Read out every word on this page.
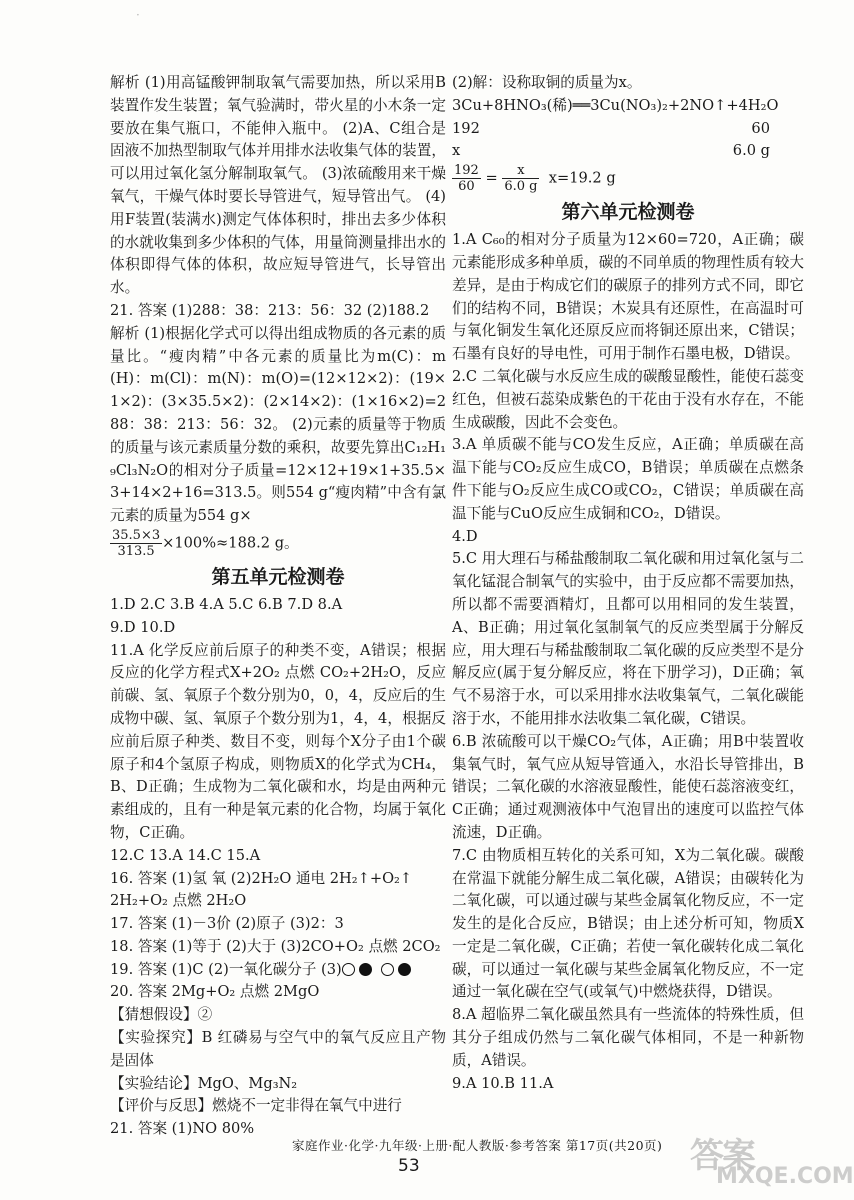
·
解析 (1)用高锰酸钾制取氧气需要加热，所以采用B装置作发生装置；氧气验满时，带火星的小木条一定要放在集气瓶口，不能伸入瓶中。 (2)A、C组合是固液不加热型制取气体并用排水法收集气体的装置，可以用过氧化氢分解制取氧气。 (3)浓硫酸用来干燥氧气，干燥气体时要长导管进气，短导管出气。 (4)用F装置(装满水)测定气体体积时，排出去多少体积的水就收集到多少体积的气体，用量筒测量排出水的体积即得气体的体积，故应短导管进气，长导管出水。
21. 答案 (1)288：38：213：56：32 (2)188.2
解析 (1)根据化学式可以得出组成物质的各元素的质量比。“瘦肉精”中各元素的质量比为m(C)：m(H)：m(Cl)：m(N)：m(O)=(12×12×2)：(19×1×2)：(3×35.5×2)：(2×14×2)：(1×16×2)=288：38：213：56：32。 (2)元素的质量等于物质的质量与该元素质量分数的乘积，故要先算出C₁₂H₁₉Cl₃N₂O的相对分子质量=12×12+19×1+35.5×3+14×2+16=313.5。则554 g“瘦肉精”中含有氯元素的质量为554 g×
$\frac{35.5\times 3}{313.5} \times 100\%\approx 188.2$ g。
第五单元检测卷
1.D 2.C 3.B 4.A 5.C 6.B 7.D 8.A
9.D 10.D
11.A 化学反应前后原子的种类不变，A错误；根据反应的化学方程式X+2O₂ 点燃 CO₂+2H₂O，反应前碳、氢、氧原子个数分别为0，0，4，反应后的生成物中碳、氢、氧原子个数分别为1，4，4，根据反应前后原子种类、数目不变，则每个X分子由1个碳原子和4个氢原子构成，则物质X的化学式为CH₄，B、D正确；生成物为二氧化碳和水，均是由两种元素组成的，且有一种是氧元素的化合物，均属于氧化物，C正确。
12.C 13.A 14.C 15.A
16. 答案 (1)氢 氧 (2)2H₂O 通电 2H₂↑+O₂↑
2H₂+O₂ 点燃 2H₂O
17. 答案 (1)－3价 (2)原子 (3)2：3
18. 答案 (1)等于 (2)大于 (3)2CO+O₂ 点燃 2CO₂
19. 答案 (1)C (2)一氧化碳分子 (3)

20. 答案 2Mg+O₂ 点燃 2MgO
【猜想假设】②
【实验探究】B 红磷易与空气中的氧气反应且产物是固体
【实验结论】MgO、Mg₃N₂
【评价与反思】燃烧不一定非得在氧气中进行
21. 答案 (1)NO 80%
(2)解：设称取铜的质量为x。
3Cu+8HNO₃(稀)══3Cu(NO₃)₂+2NO↑+4H₂O
192	60
x	6.0 g
$\frac{192}{60} = \frac{x}{6.0 g} x=19.2$ g
第六单元检测卷
1.A C₆₀的相对分子质量为12×60=720，A正确；碳元素能形成多种单质，碳的不同单质的物理性质有较大差异，是由于构成它们的碳原子的排列方式不同，即它们的结构不同，B错误；木炭具有还原性，在高温时可与氧化铜发生氧化还原反应而将铜还原出来，C错误；石墨有良好的导电性，可用于制作石墨电极，D错误。
2.C 二氧化碳与水反应生成的碳酸显酸性，能使石蕊变红色，但被石蕊染成紫色的干花由于没有水存在，不能生成碳酸，因此不会变色。
3.A 单质碳不能与CO发生反应，A正确；单质碳在高温下能与CO₂反应生成CO，B错误；单质碳在点燃条件下能与O₂反应生成CO或CO₂，C错误；单质碳在高温下能与CuO反应生成铜和CO₂，D错误。
4.D
5.C 用大理石与稀盐酸制取二氧化碳和用过氧化氢与二氧化锰混合制氧气的实验中，由于反应都不需要加热，所以都不需要酒精灯，且都可以用相同的发生装置，A、B正确；用过氧化氢制氧气的反应类型属于分解反应，用大理石与稀盐酸制取二氧化碳的反应类型不是分解反应(属于复分解反应，将在下册学习)，D正确；氧气不易溶于水，可以采用排水法收集氧气，二氧化碳能溶于水，不能用排水法收集二氧化碳，C错误。
6.B 浓硫酸可以干燥CO₂气体，A正确；用B中装置收集氧气时，氧气应从短导管通入，水沿长导管排出，B错误；二氧化碳的水溶液显酸性，能使石蕊溶液变红，C正确；通过观测液体中气泡冒出的速度可以监控气体流速，D正确。
7.C 由物质相互转化的关系可知，X为二氧化碳。碳酸在常温下就能分解生成二氧化碳，A错误；由碳转化为二氧化碳，可以通过碳与某些金属氧化物反应，不一定发生的是化合反应，B错误；由上述分析可知，物质X一定是二氧化碳，C正确；若使一氧化碳转化成二氧化碳，可以通过一氧化碳与某些金属氧化物反应，不一定通过一氧化碳在空气(或氧气)中燃烧获得，D错误。
8.A 超临界二氧化碳虽然具有一些流体的特殊性质，但其分子组成仍然与二氧化碳气体相同，不是一种新物质，A错误。
9.A 10.B 11.A
家庭作业·化学·九年级·上册·配人教版·参考答案 第17页(共20页)
53	答案
MXQE.COM
